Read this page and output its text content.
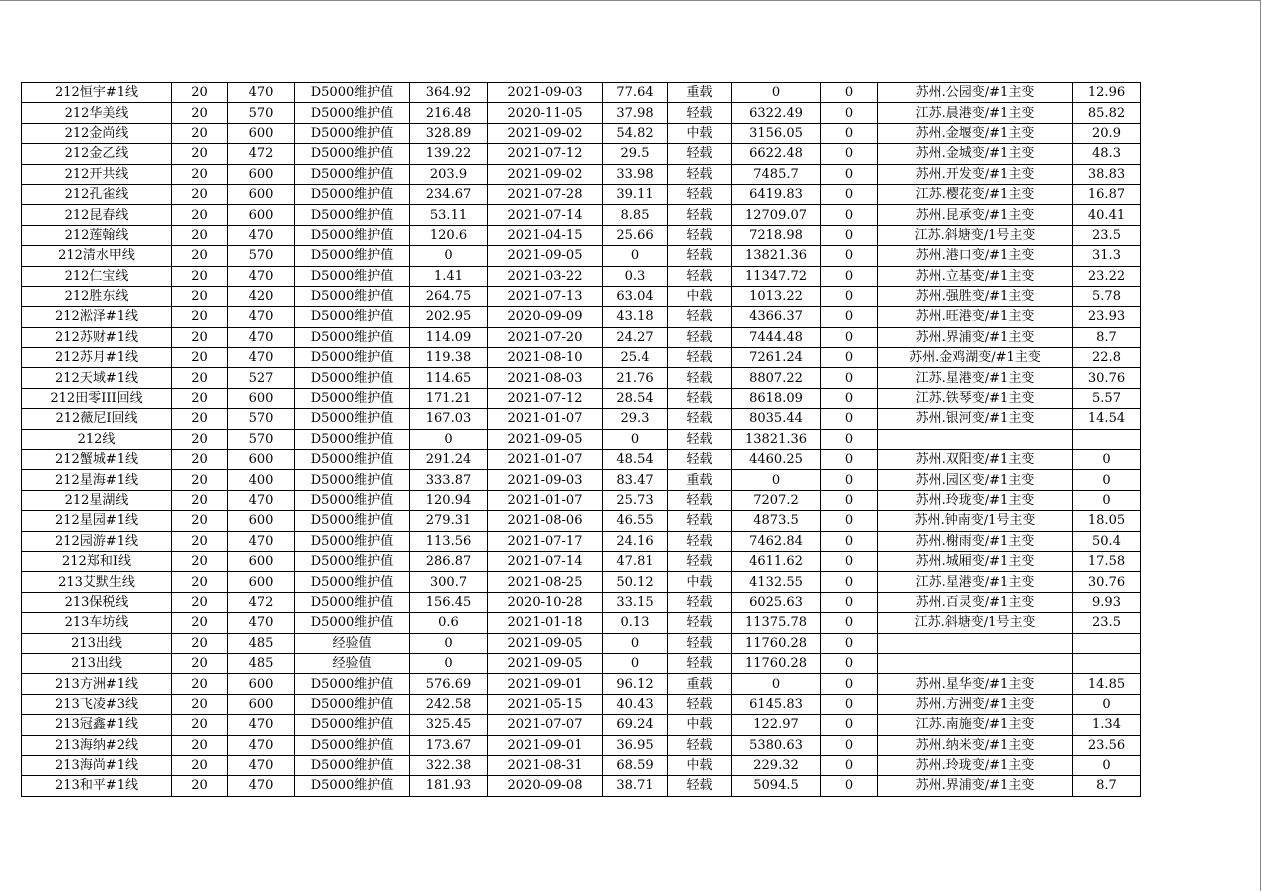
212恒宇#1线	20	470	D5000维护值	364.92	2021-09-03	77.64	重载	0	0	苏州.公园变/#1主变	12.96
212华美线	20	570	D5000维护值	216.48	2020-11-05	37.98	轻载	6322.49	0	江苏.晨港变/#1主变	85.82
212金尚线	20	600	D5000维护值	328.89	2021-09-02	54.82	中载	3156.05	0	苏州.金堰变/#1主变	20.9
212金乙线	20	472	D5000维护值	139.22	2021-07-12	29.5	轻载	6622.48	0	苏州.金城变/#1主变	48.3
212开共线	20	600	D5000维护值	203.9	2021-09-02	33.98	轻载	7485.7	0	苏州.开发变/#1主变	38.83
212孔雀线	20	600	D5000维护值	234.67	2021-07-28	39.11	轻载	6419.83	0	江苏.樱花变/#1主变	16.87
212昆春线	20	600	D5000维护值	53.11	2021-07-14	8.85	轻载	12709.07	0	苏州.昆承变/#1主变	40.41
212莲翰线	20	470	D5000维护值	120.6	2021-04-15	25.66	轻载	7218.98	0	江苏.斜塘变/1号主变	23.5
212清水甲线	20	570	D5000维护值	0	2021-09-05	0	轻载	13821.36	0	苏州.港口变/#1主变	31.3
212仁宝线	20	470	D5000维护值	1.41	2021-03-22	0.3	轻载	11347.72	0	苏州.立基变/#1主变	23.22
212胜东线	20	420	D5000维护值	264.75	2021-07-13	63.04	中载	1013.22	0	苏州.强胜变/#1主变	5.78
212淞泽#1线	20	470	D5000维护值	202.95	2020-09-09	43.18	轻载	4366.37	0	苏州.旺港变/#1主变	23.93
212苏财#1线	20	470	D5000维护值	114.09	2021-07-20	24.27	轻载	7444.48	0	苏州.界浦变/#1主变	8.7
212苏月#1线	20	470	D5000维护值	119.38	2021-08-10	25.4	轻载	7261.24	0	苏州.金鸡湖变/#1主变	22.8
212天域#1线	20	527	D5000维护值	114.65	2021-08-03	21.76	轻载	8807.22	0	江苏.星港变/#1主变	30.76
212田零III回线	20	600	D5000维护值	171.21	2021-07-12	28.54	轻载	8618.09	0	江苏.铁琴变/#1主变	5.57
212薇尼Ⅰ回线	20	570	D5000维护值	167.03	2021-01-07	29.3	轻载	8035.44	0	苏州.银河变/#1主变	14.54
212线	20	570	D5000维护值	0	2021-09-05	0	轻载	13821.36	0		
212蟹城#1线	20	600	D5000维护值	291.24	2021-01-07	48.54	轻载	4460.25	0	苏州.双阳变/#1主变	0
212星海#1线	20	400	D5000维护值	333.87	2021-09-03	83.47	重载	0	0	苏州.园区变/#1主变	0
212星湖线	20	470	D5000维护值	120.94	2021-01-07	25.73	轻载	7207.2	0	苏州.玲珑变/#1主变	0
212星园#1线	20	600	D5000维护值	279.31	2021-08-06	46.55	轻载	4873.5	0	苏州.钟南变/1号主变	18.05
212园游#1线	20	470	D5000维护值	113.56	2021-07-17	24.16	轻载	7462.84	0	苏州.榭雨变/#1主变	50.4
212郑和Ⅰ线	20	600	D5000维护值	286.87	2021-07-14	47.81	轻载	4611.62	0	苏州.城厢变/#1主变	17.58
213艾默生线	20	600	D5000维护值	300.7	2021-08-25	50.12	中载	4132.55	0	江苏.星港变/#1主变	30.76
213保税线	20	472	D5000维护值	156.45	2020-10-28	33.15	轻载	6025.63	0	苏州.百灵变/#1主变	9.93
213车坊线	20	470	D5000维护值	0.6	2021-01-18	0.13	轻载	11375.78	0	江苏.斜塘变/1号主变	23.5
213出线	20	485	经验值	0	2021-09-05	0	轻载	11760.28	0		
213出线	20	485	经验值	0	2021-09-05	0	轻载	11760.28	0		
213方洲#1线	20	600	D5000维护值	576.69	2021-09-01	96.12	重载	0	0	苏州.星华变/#1主变	14.85
213飞凌#3线	20	600	D5000维护值	242.58	2021-05-15	40.43	轻载	6145.83	0	苏州.方洲变/#1主变	0
213冠鑫#1线	20	470	D5000维护值	325.45	2021-07-07	69.24	中载	122.97	0	江苏.南施变/#1主变	1.34
213海纳#2线	20	470	D5000维护值	173.67	2021-09-01	36.95	轻载	5380.63	0	苏州.纳米变/#1主变	23.56
213海尚#1线	20	470	D5000维护值	322.38	2021-08-31	68.59	中载	229.32	0	苏州.玲珑变/#1主变	0
213和平#1线	20	470	D5000维护值	181.93	2020-09-08	38.71	轻载	5094.5	0	苏州.界浦变/#1主变	8.7
